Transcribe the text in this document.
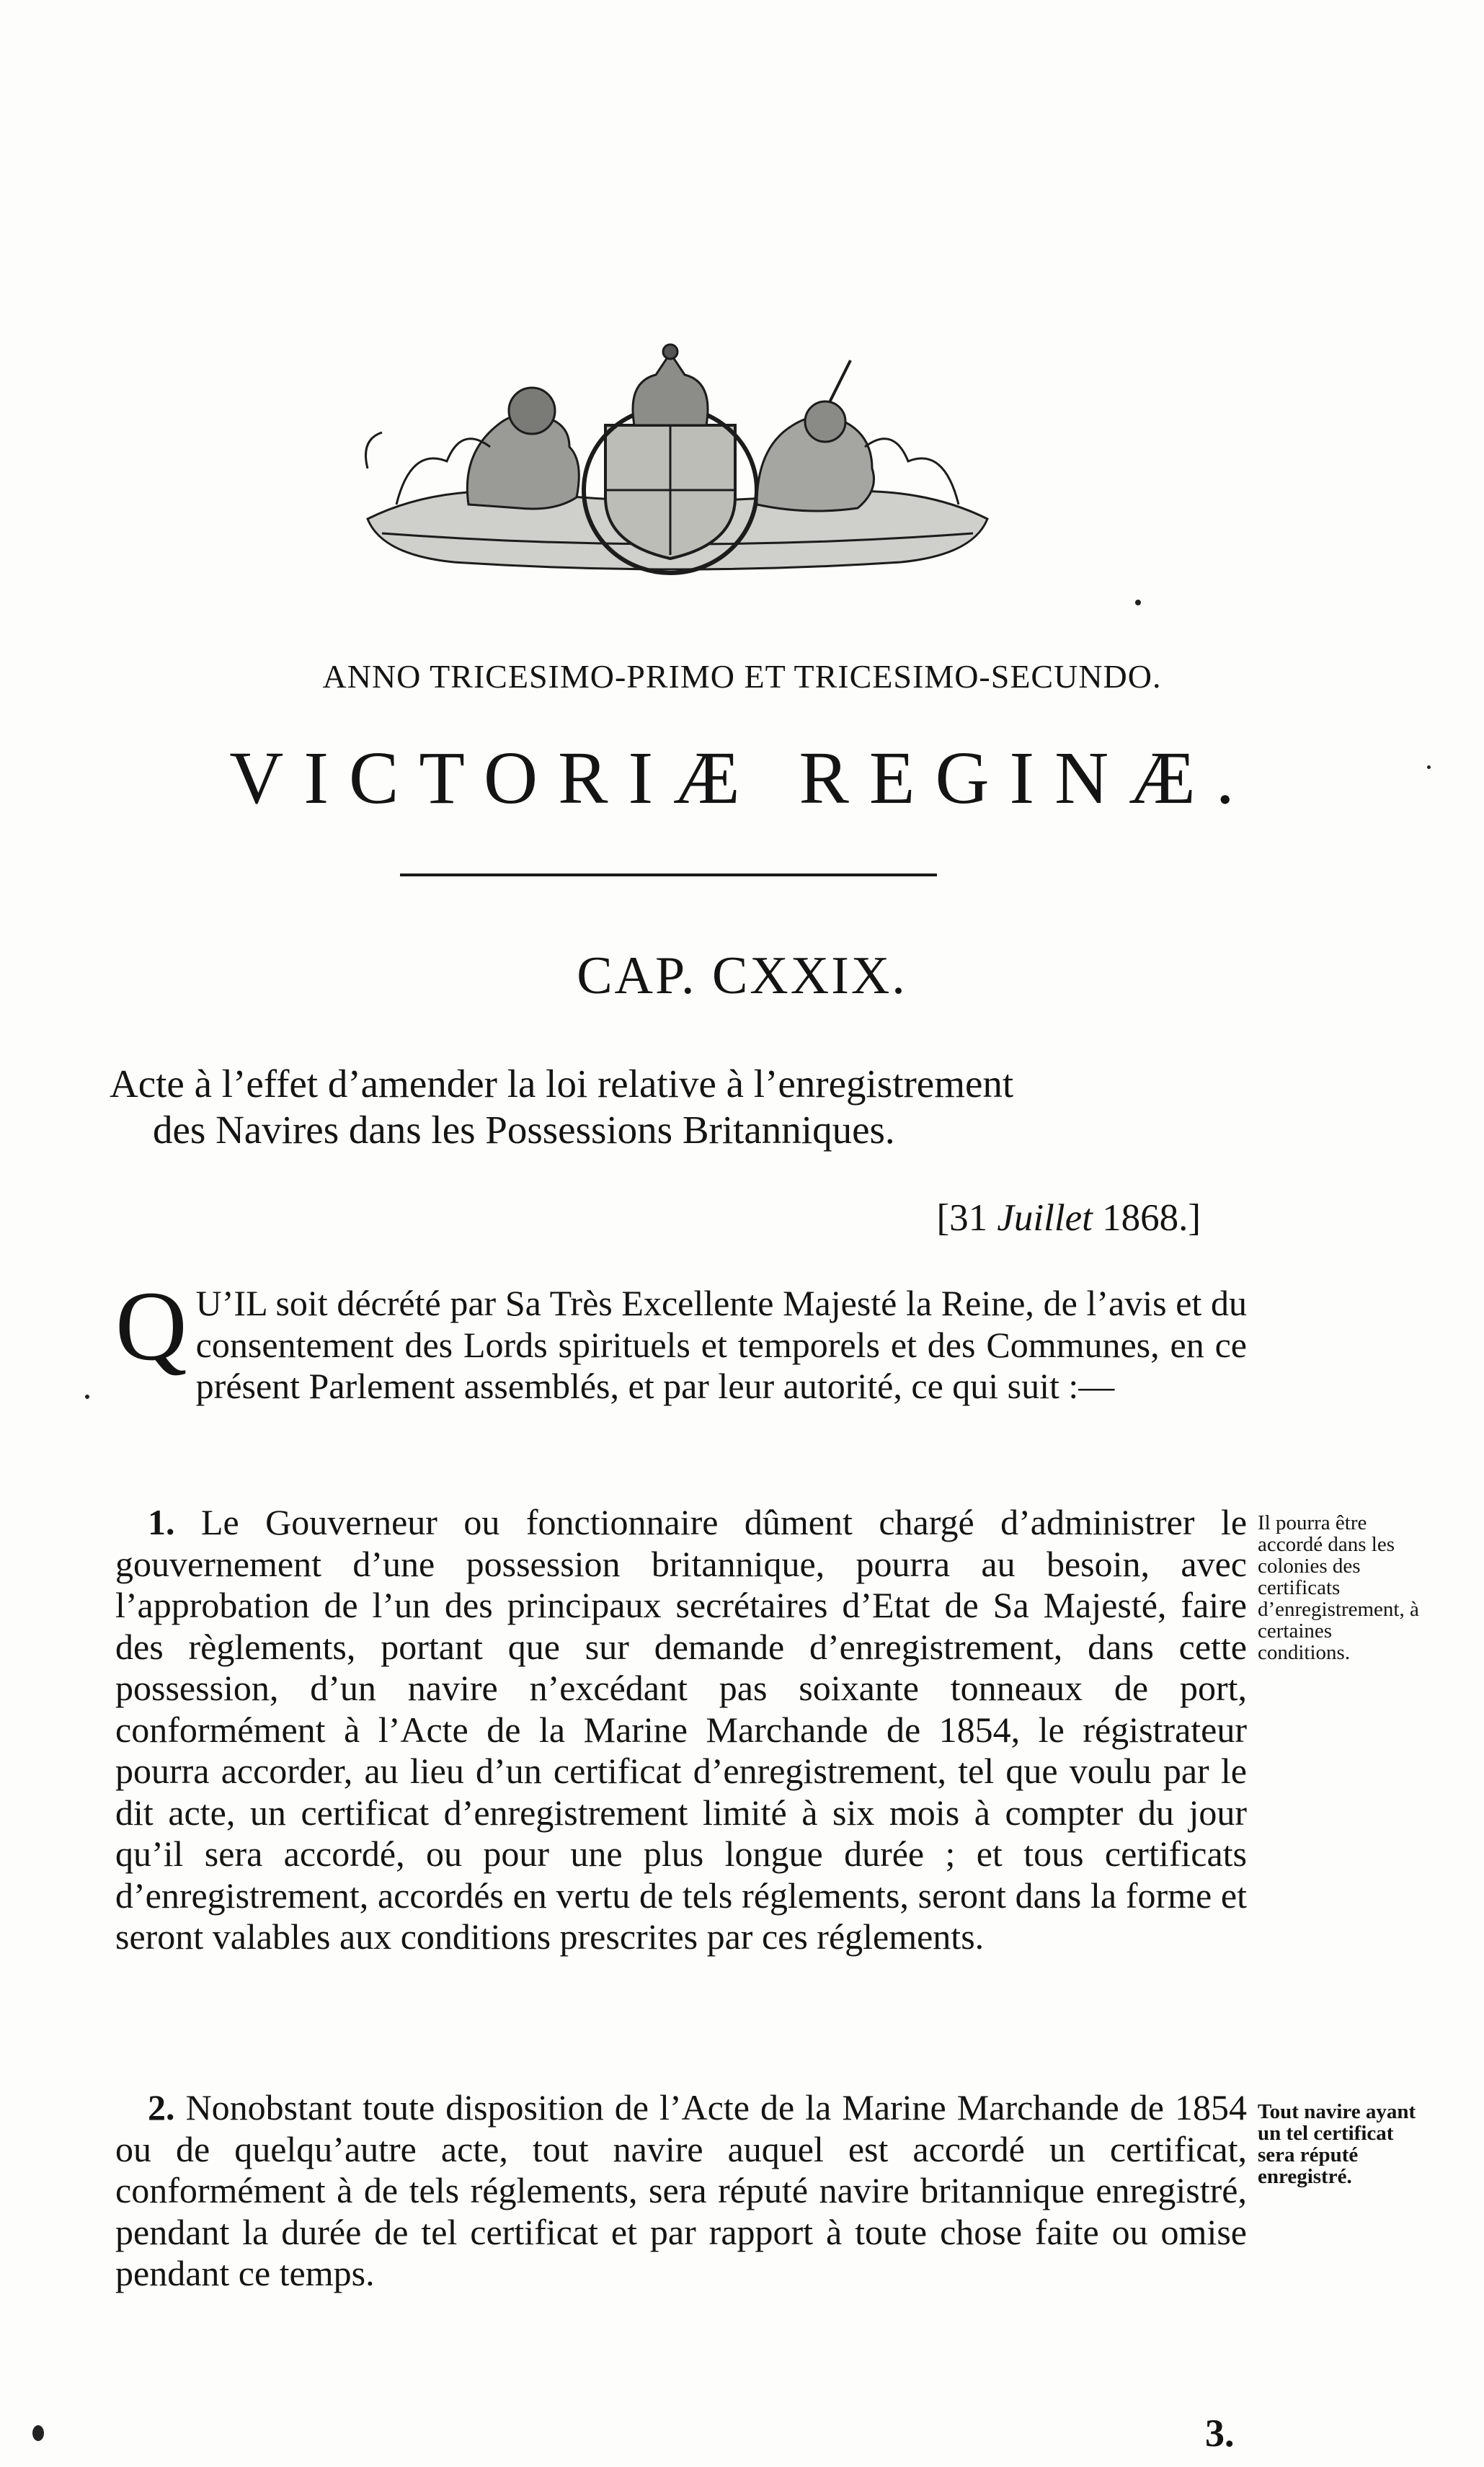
ANNO TRICESIMO-PRIMO ET TRICESIMO-SECUNDO.
VICTORIÆ REGINÆ.
CAP. CXXIX.
Acte à l’effet d’amender la loi relative à l’enregistrement
des Navires dans les Possessions Britanniques.
[31 Juillet 1868.]
Q U’IL soit décrété par Sa Très Excellente Majesté la Reine, de l’avis et du consentement des Lords spirituels et temporels et des Communes, en ce présent Parlement assemblés, et par leur autorité, ce qui suit :—
1. Le Gouverneur ou fonctionnaire dûment chargé d’administrer le gouvernement d’une possession britannique, pourra au besoin, avec l’approbation de l’un des principaux secrétaires d’Etat de Sa Majesté, faire des règlements, portant que sur demande d’enregistrement, dans cette possession, d’un navire n’excédant pas soixante tonneaux de port, conformément à l’Acte de la Marine Marchande de 1854, le régistrateur pourra accorder, au lieu d’un certificat d’enregistrement, tel que voulu par le dit acte, un certificat d’enregistrement limité à six mois à compter du jour qu’il sera accordé, ou pour une plus longue durée ; et tous certificats d’enregistrement, accordés en vertu de tels réglements, seront dans la forme et seront valables aux conditions prescrites par ces réglements.
Il pourra être accordé dans les colonies des certificats d’enregistrement, à certaines conditions.
2. Nonobstant toute disposition de l’Acte de la Marine Marchande de 1854 ou de quelqu’autre acte, tout navire auquel est accordé un certificat, conformément à de tels réglements, sera réputé navire britannique enregistré, pendant la durée de tel certificat et par rapport à toute chose faite ou omise pendant ce temps.
Tout navire ayant un tel certificat sera réputé enregistré.
3.
